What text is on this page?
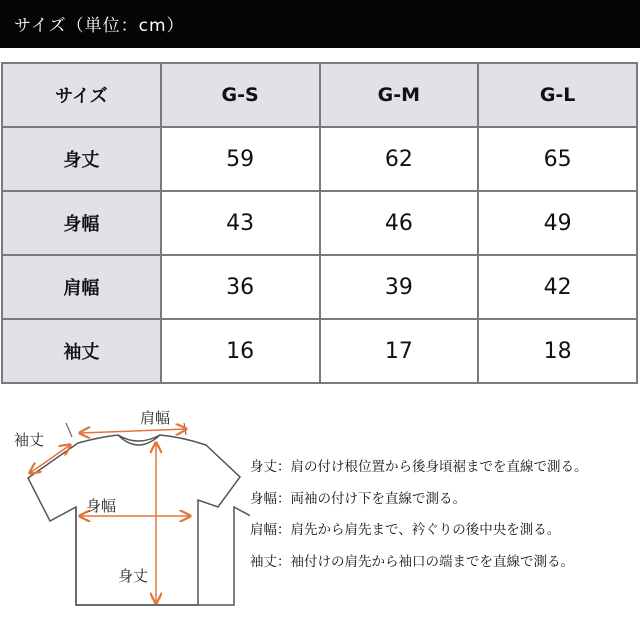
サイズ（単位：cm）
サイズ	G-S	G-M	G-L
身丈	59	62	65
身幅	43	46	49
肩幅	36	39	42
袖丈	16	17	18
肩幅
袖丈
身幅
身丈
身丈：肩の付け根位置から後身頃裾までを直線で測る。
身幅：両袖の付け下を直線で測る。
肩幅：肩先から肩先まで、衿ぐりの後中央を測る。
袖丈：袖付けの肩先から袖口の端までを直線で測る。
